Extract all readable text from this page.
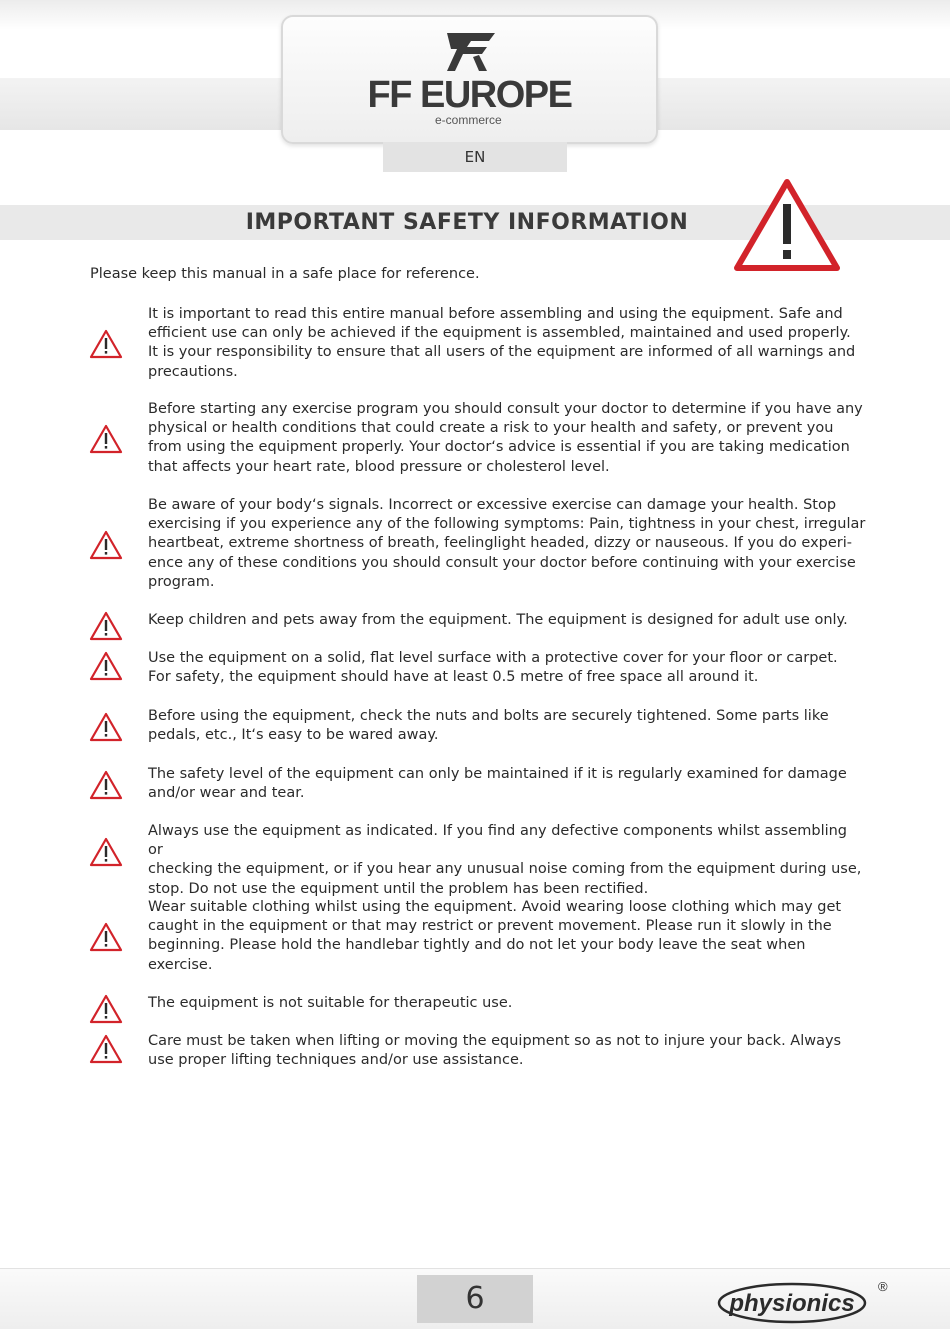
FF EUROPE
e-commerce
EN
IMPORTANT SAFETY INFORMATION
Please keep this manual in a safe place for reference.
It is important to read this entire manual before assembling and using the equipment. Safe and
efficient use can only be achieved if the equipment is assembled, maintained and used properly.
It is your responsibility to ensure that all users of the equipment are informed of all warnings and
precautions.
Before starting any exercise program you should consult your doctor to determine if you have any
physical or health conditions that could create a risk to your health and safety, or prevent you
from using the equipment properly. Your doctor‘s advice is essential if you are taking medication
that affects your heart rate, blood pressure or cholesterol level.
Be aware of your body‘s signals. Incorrect or excessive exercise can damage your health. Stop
exercising if you experience any of the following symptoms: Pain, tightness in your chest, irregular
heartbeat, extreme shortness of breath, feelinglight headed, dizzy or nauseous. If you do experi-
ence any of these conditions you should consult your doctor before continuing with your exercise
program.
Keep children and pets away from the equipment. The equipment is designed for adult use only.
Use the equipment on a solid, flat level surface with a protective cover for your floor or carpet.
For safety, the equipment should have at least 0.5 metre of free space all around it.
Before using the equipment, check the nuts and bolts are securely tightened. Some parts like
pedals, etc., It‘s easy to be wared away.
The safety level of the equipment can only be maintained if it is regularly examined for damage
and/or wear and tear.
Always use the equipment as indicated. If you find any defective components whilst assembling or
checking the equipment, or if you hear any unusual noise coming from the equipment during use,
stop. Do not use the equipment until the problem has been rectified.
Wear suitable clothing whilst using the equipment. Avoid wearing loose clothing which may get
caught in the equipment or that may restrict or prevent movement. Please run it slowly in the
beginning. Please hold the handlebar tightly and do not let your body leave the seat when
exercise.
The equipment is not suitable for therapeutic use.
Care must be taken when lifting or moving the equipment so as not to injure your back. Always
use proper lifting techniques and/or use assistance.
6	physionics
®
